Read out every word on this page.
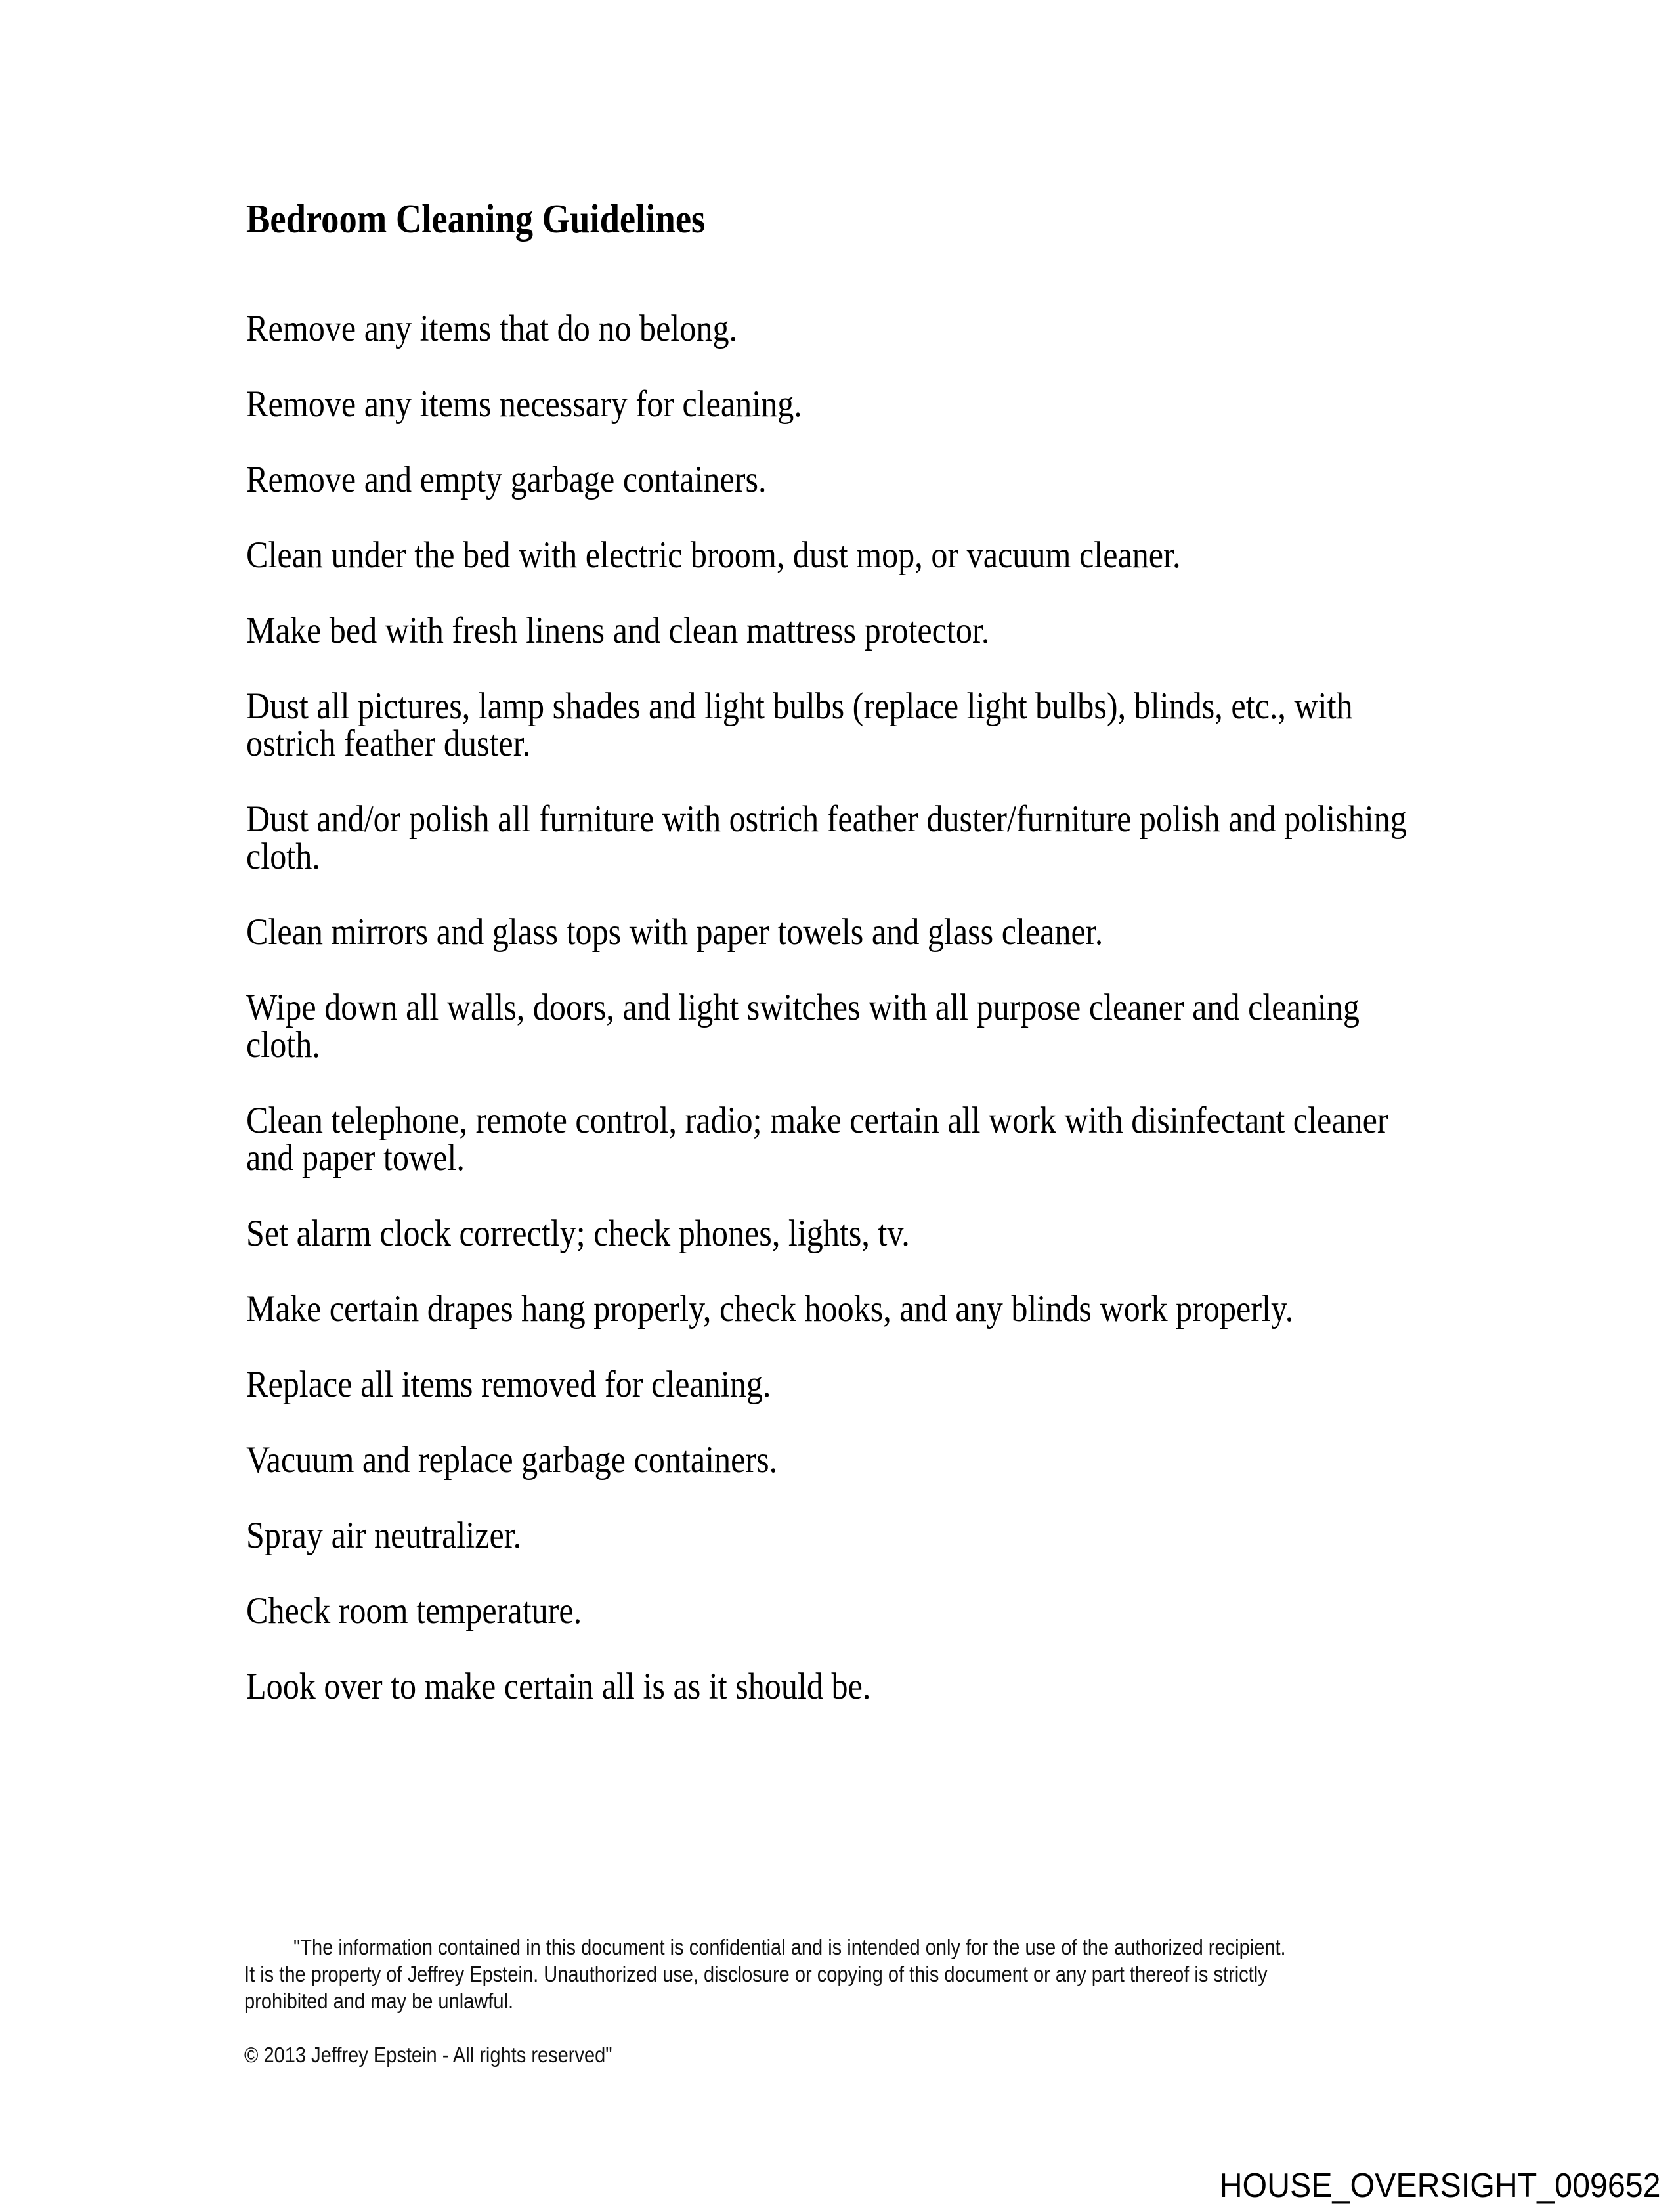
Bedroom Cleaning Guidelines
Remove any items that do no belong.
Remove any items necessary for cleaning.
Remove and empty garbage containers.
Clean under the bed with electric broom, dust mop, or vacuum cleaner.
Make bed with fresh linens and clean mattress protector.
Dust all pictures, lamp shades and light bulbs (replace light bulbs), blinds, etc., with
ostrich feather duster.
Dust and/or polish all furniture with ostrich feather duster/furniture polish and polishing
cloth.
Clean mirrors and glass tops with paper towels and glass cleaner.
Wipe down all walls, doors, and light switches with all purpose cleaner and cleaning
cloth.
Clean telephone, remote control, radio; make certain all work with disinfectant cleaner
and paper towel.
Set alarm clock correctly; check phones, lights, tv.
Make certain drapes hang properly, check hooks, and any blinds work properly.
Replace all items removed for cleaning.
Vacuum and replace garbage containers.
Spray air neutralizer.
Check room temperature.
Look over to make certain all is as it should be.
"The information contained in this document is confidential and is intended only for the use of the authorized recipient.
It is the property of Jeffrey Epstein. Unauthorized use, disclosure or copying of this document or any part thereof is strictly
prohibited and may be unlawful.
© 2013 Jeffrey Epstein - All rights reserved"
HOUSE_OVERSIGHT_009652
